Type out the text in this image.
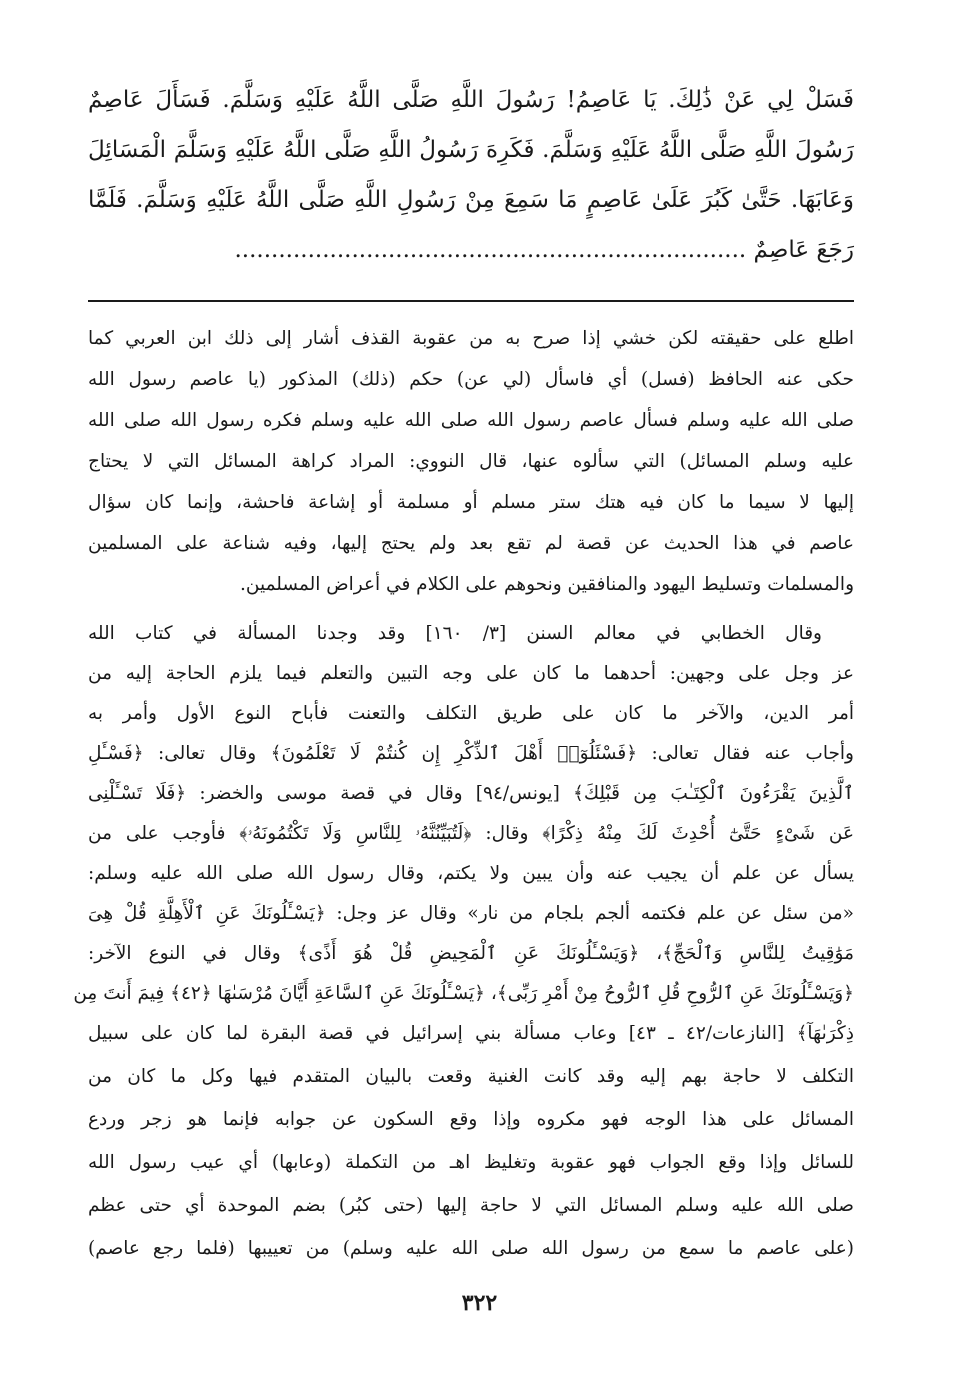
فَسَلْ لِي عَنْ ذَٰلِكَ. يَا عَاصِمُ! رَسُولَ اللَّهِ صَلَّى اللَّهُ عَلَيْهِ وَسَلَّمَ. فَسَأَلَ عَاصِمٌ
رَسُولَ اللَّهِ صَلَّى اللَّهُ عَلَيْهِ وَسَلَّمَ. فَكَرِهَ رَسُولُ اللَّهِ صَلَّى اللَّهُ عَلَيْهِ وَسَلَّمَ الْمَسَائِلَ
وَعَابَهَا. حَتَّىٰ كَبُرَ عَلَىٰ عَاصِمٍ مَا سَمِعَ مِنْ رَسُولِ اللَّهِ صَلَّى اللَّهُ عَلَيْهِ وَسَلَّمَ. فَلَمَّا
رَجَعَ عَاصِمٌ ......................................................................
اطلع على حقيقته لكن خشي إذا صرح به من عقوبة القذف أشار إلى ذلك ابن العربي كما
حكى عنه الحافظ (فسل) أي فاسأل (لي عن) حكم (ذلك) المذكور (يا عاصم رسول الله
صلى الله عليه وسلم فسأل عاصم رسول الله صلى الله عليه وسلم فكره رسول الله صلى الله
عليه وسلم المسائل) التي سألوه عنها، قال النووي: المراد كراهة المسائل التي لا يحتاج
إليها لا سيما ما كان فيه هتك ستر مسلم أو مسلمة أو إشاعة فاحشة، وإنما كان سؤال
عاصم في هذا الحديث عن قصة لم تقع بعد ولم يحتج إليها، وفيه شناعة على المسلمين
والمسلمات وتسليط اليهود والمنافقين ونحوهم على الكلام في أعراض المسلمين.
وقال الخطابي في معالم السنن [٣/ ١٦٠] وقد وجدنا المسألة في كتاب الله
عز وجل على وجهين: أحدهما ما كان على وجه التبين والتعلم فيما يلزم الحاجة إليه من
أمر الدين، والآخر ما كان على طريق التكلف والتعنت فأباح النوع الأول وأمر به
وأجاب عنه فقال تعالى: ﴿فَسْئَلُوٓا۟ أَهْلَ ٱلذِّكْرِ إِن كُنتُمْ لَا تَعْلَمُونَ﴾ وقال تعالى: ﴿فَسْـَٔلِ
ٱلَّذِينَ يَقْرَءُونَ ٱلْكِتَـٰبَ مِن قَبْلِكَ﴾ [يونس/٩٤] وقال في قصة موسى والخضر: ﴿فَلَا تَسْـَٔلْنِى
عَن شَىْءٍ حَتَّىٰٓ أُحْدِثَ لَكَ مِنْهُ ذِكْرًا﴾ وقال: ﴿لَتُبَيِّنُنَّهُۥ لِلنَّاسِ وَلَا تَكْتُمُونَهُۥ﴾ فأوجب على من
يسأل عن علم أن يجيب عنه وأن يبين ولا يكتم، وقال رسول الله صلى الله عليه وسلم:
«من سئل عن علم فكتمه ألجم بلجام من نار» وقال عز وجل: ﴿يَسْـَٔلُونَكَ عَنِ ٱلْأَهِلَّةِ قُلْ هِىَ
مَوَٰقِيتُ لِلنَّاسِ وَٱلْحَجِّ﴾، ﴿وَيَسْـَٔلُونَكَ عَنِ ٱلْمَحِيضِ قُلْ هُوَ أَذًى﴾ وقال في النوع الآخر:
﴿وَيَسْـَٔلُونَكَ عَنِ ٱلرُّوحِ قُلِ ٱلرُّوحُ مِنْ أَمْرِ رَبِّى﴾، ﴿يَسْـَٔلُونَكَ عَنِ ٱلسَّاعَةِ أَيَّانَ مُرْسَىٰهَا ﴿٤٢﴾ فِيمَ أَنتَ مِن
ذِكْرَىٰهَآ﴾ [النازعات/٤٢ ـ ٤٣] وعاب مسألة بني إسرائيل في قصة البقرة لما كان على سبيل
التكلف لا حاجة بهم إليه وقد كانت الغنية وقعت بالبيان المتقدم فيها وكل ما كان من
المسائل على هذا الوجه فهو مكروه وإذا وقع السكون عن جوابه فإنما هو زجر وردع
للسائل وإذا وقع الجواب فهو عقوبة وتغليظ اهـ من التكملة (وعابها) أي عيب رسول الله
صلى الله عليه وسلم المسائل التي لا حاجة إليها (حتى كبُر) بضم الموحدة أي حتى عظم
(على عاصم ما سمع من رسول الله صلى الله عليه وسلم) من تعييبها (فلما رجع عاصم)
٣٢٢
